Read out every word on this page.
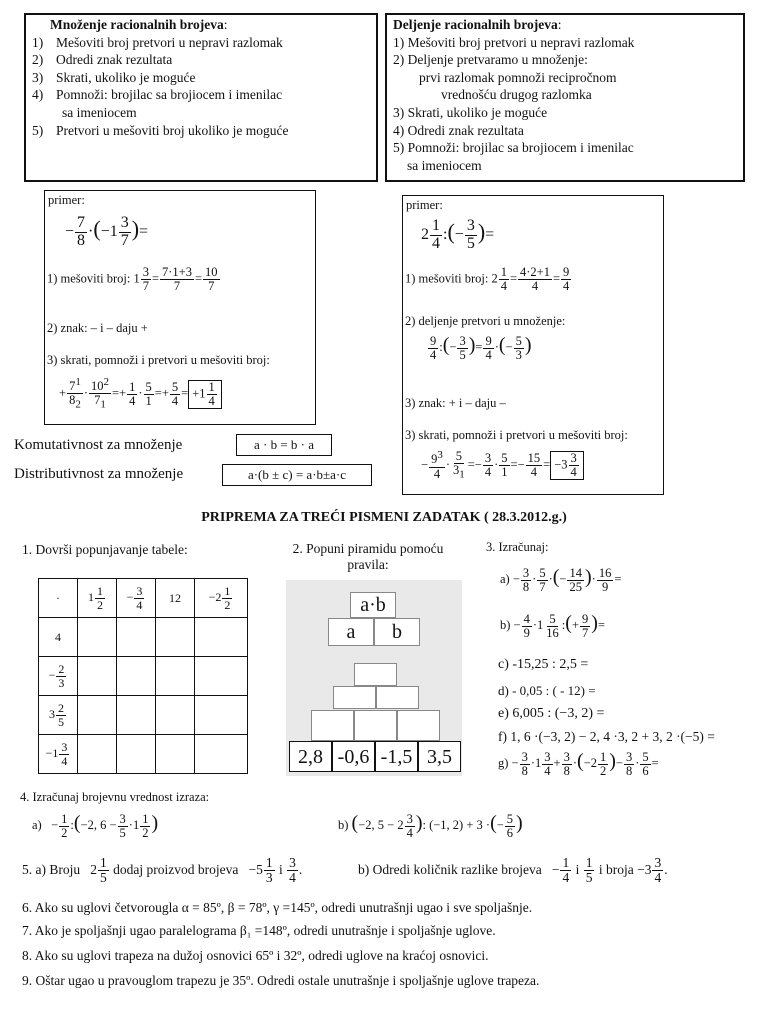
Množenje racionalnih brojeva:
1) Mešoviti broj pretvori u nepravi razlomak
2) Odredi znak rezultata
3) Skrati, ukoliko je moguće
4) Pomnoži: brojilac sa brojiocem i imenilac
sa imeniocem
5) Pretvori u mešoviti broj ukoliko je moguće
Deljenje racionalnih brojeva:
1) Mešoviti broj pretvori u nepravi razlomak
2) Deljenje pretvaramo u množenje:
prvi razlomak pomnoži recipročnom
vrednošću drugog razlomka
3) Skrati, ukoliko je moguće
4) Odredi znak rezultata
5) Pomnoži: brojilac sa brojiocem i imenilac
sa imeniocem
primer:
− $\frac{7}{8} \cdot(-1 \frac{3}{7}$ )=
1) mešoviti broj: $1 \frac{3}{7} = \frac{7\cdot 1+3}{7} = \frac{10}{7}$
2) znak: – i – daju +
3) skrati, pomnoži i pretvori u mešoviti broj:
+ $\frac{7^1}{8_2} \cdot \frac{10^2}{7_1} =+ \frac{1}{4} \cdot \frac{5}{1} =+ \frac{5}{4} = +1 \frac{1}{4}$
primer:
$2 \frac{1}{4}$ :(− $\frac{3}{5}$ )=
1) mešoviti broj: $2 \frac{1}{4} = \frac{4\cdot 2+1}{4} = \frac{9}{4}$
2) deljenje pretvori u množenje:
$\frac{9}{4}$ :(− $\frac{3}{5}$ )= $\frac{9}{4}$ ·(− $\frac{5}{3}$ )
3) znak: + i – daju –
3) skrati, pomnoži i pretvori u mešoviti broj:
− $\frac{9^3}{4} \cdot \frac{5}{3_1} =- \frac{3}{4} \cdot \frac{5}{1} =- \frac{15}{4} = -3 \frac{3}{4}$
Komutativnost za množenje	a · b = b · a
Distributivnost za množenje	a·(b ± c) = a·b±a·c
PRIPREMA ZA TREĆI PISMENI ZADATAK ( 28.3.2012.g.)
1. Dovrši popunjavanje tabele:
·	$1 \frac{1}{2}$	− $\frac{3}{4}$	12	$-2 \frac{1}{2}$

4				
− $\frac{2}{3}$

$3 \frac{2}{5}$

$-1 \frac{3}{4}$

2. Popuni piramidu pomoću
pravila:
a·b
a	b
2,8 -0,6 -1,5 3,5
3. Izračunaj:
$a) - \frac{3}{8} \cdot \frac{5}{7}$ ·(− $\frac{14}{25}$ )· $\frac{16}{9}$ =
$b) - \frac{4}{9} \cdot 1 \frac{5}{16}$ :(+ $\frac{9}{7}$ )=
c) -15,25 : 2,5 =
d) - 0,05 : ( - 12) =
e) 6,005 : (−3, 2) =
f) 1, 6 ·(−3, 2) − 2, 4 ·3, 2 + 3, 2 ·(−5) =
$g) - \frac{3}{8} \cdot 1 \frac{3}{4} + \frac{3}{8} \cdot(-2 \frac{1}{2}$ )− $\frac{3}{8} \cdot \frac{5}{6}$ =
4. Izračunaj brojevnu vrednost izraza:
$a) - \frac{1}{2}$ :(−2, $6 - \frac{3}{5} \cdot 1 \frac{1}{2}$ )	b) (−2, $5 - 2 \frac{3}{4}$ ): (−1, 2) + 3 ·(− $\frac{5}{6}$ )
5. a) Broju   $2 \frac{1}{5}$ dodaj proizvod brojeva   $-5 \frac{1}{3}$ i $\frac{3}{4}$ .	b) Odredi količnik razlike brojeva   − $\frac{1}{4}$ i $\frac{1}{5}$ i broja $-3 \frac{3}{4}$ .
6. Ako su uglovi četvorougla α = 85º, β = 78º, γ =145º, odredi unutrašnji ugao i sve spoljašnje.
7. Ako je spoljašnji ugao paralelograma β₁ =148º, odredi unutrašnje i spoljašnje uglove.
8. Ako su uglovi trapeza na dužoj osnovici 65º i 32º, odredi uglove na kraćoj osnovici.
9. Oštar ugao u pravouglom trapezu je 35º. Odredi ostale unutrašnje i spoljašnje uglove trapeza.
